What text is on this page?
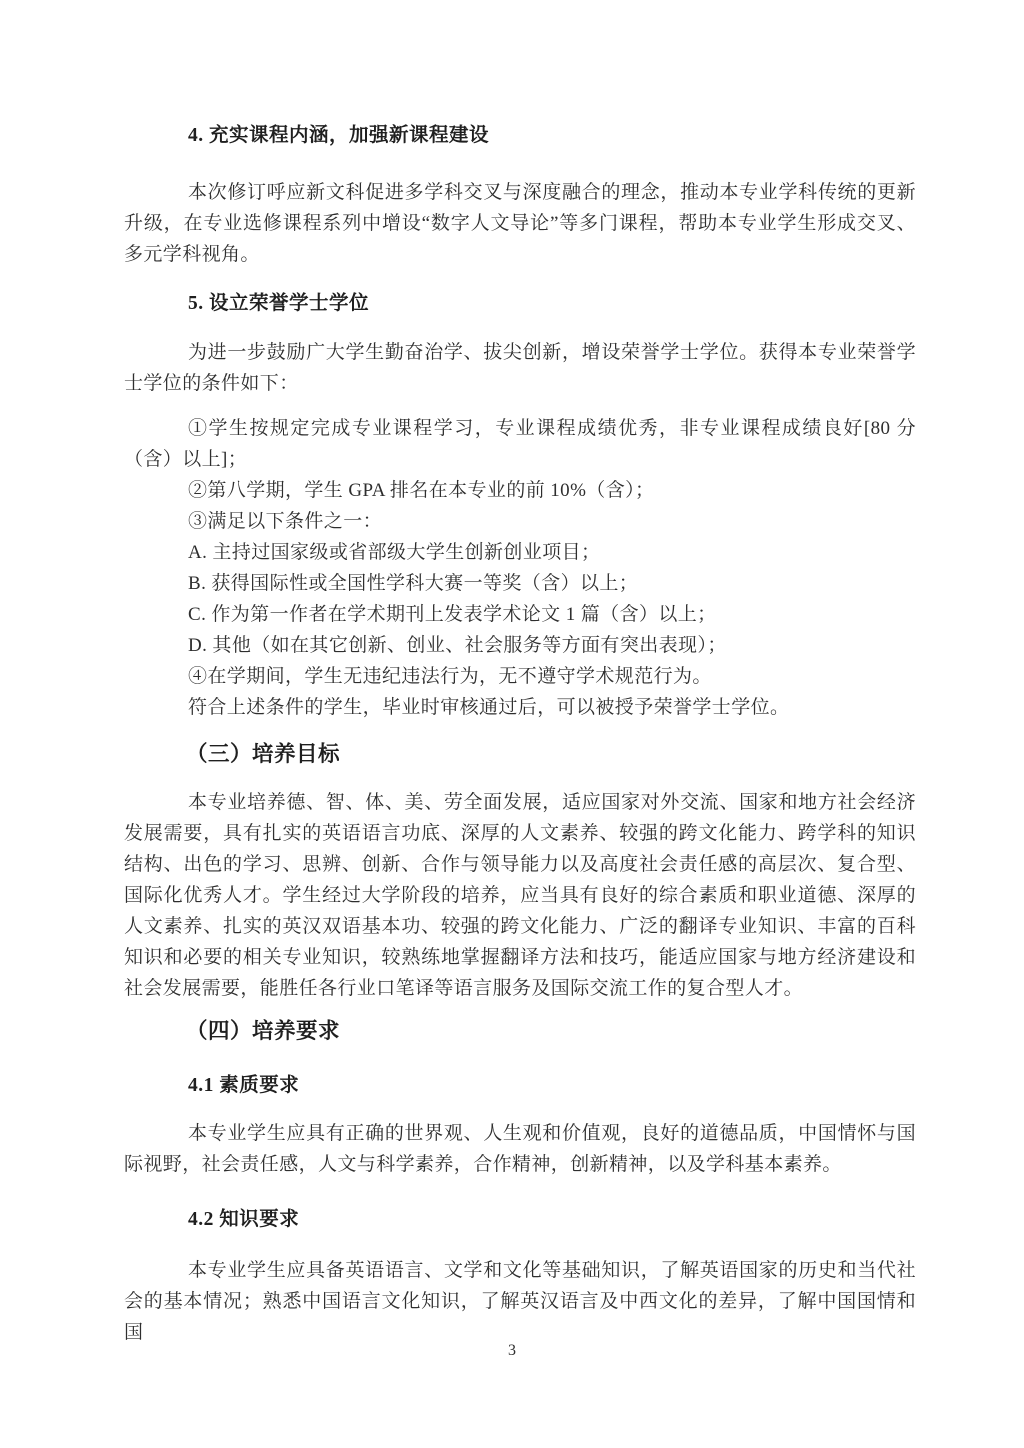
4. 充实课程内涵，加强新课程建设

本次修订呼应新文科促进多学科交叉与深度融合的理念，推动本专业学科传统的更新升级，在专业选修课程系列中增设“数字人文导论”等多门课程，帮助本专业学生形成交叉、多元学科视角。

5. 设立荣誉学士学位

为进一步鼓励广大学生勤奋治学、拔尖创新，增设荣誉学士学位。获得本专业荣誉学士学位的条件如下：

①学生按规定完成专业课程学习，专业课程成绩优秀，非专业课程成绩良好[80 分（含）以上]；

②第八学期，学生 GPA 排名在本专业的前 10%（含）；

③满足以下条件之一：

A. 主持过国家级或省部级大学生创新创业项目；

B. 获得国际性或全国性学科大赛一等奖（含）以上；

C. 作为第一作者在学术期刊上发表学术论文 1 篇（含）以上；

D. 其他（如在其它创新、创业、社会服务等方面有突出表现）；

④在学期间，学生无违纪违法行为，无不遵守学术规范行为。

符合上述条件的学生，毕业时审核通过后，可以被授予荣誉学士学位。

（三）培养目标

本专业培养德、智、体、美、劳全面发展，适应国家对外交流、国家和地方社会经济发展需要，具有扎实的英语语言功底、深厚的人文素养、较强的跨文化能力、跨学科的知识结构、出色的学习、思辨、创新、合作与领导能力以及高度社会责任感的高层次、复合型、国际化优秀人才。学生经过大学阶段的培养，应当具有良好的综合素质和职业道德、深厚的人文素养、扎实的英汉双语基本功、较强的跨文化能力、广泛的翻译专业知识、丰富的百科知识和必要的相关专业知识，较熟练地掌握翻译方法和技巧，能适应国家与地方经济建设和社会发展需要，能胜任各行业口笔译等语言服务及国际交流工作的复合型人才。

（四）培养要求
4.1 素质要求

本专业学生应具有正确的世界观、人生观和价值观，良好的道德品质，中国情怀与国际视野，社会责任感，人文与科学素养，合作精神，创新精神，以及学科基本素养。

4.2 知识要求

本专业学生应具备英语语言、文学和文化等基础知识，了解英语国家的历史和当代社会的基本情况；熟悉中国语言文化知识，了解英汉语言及中西文化的差异，了解中国国情和国

3
